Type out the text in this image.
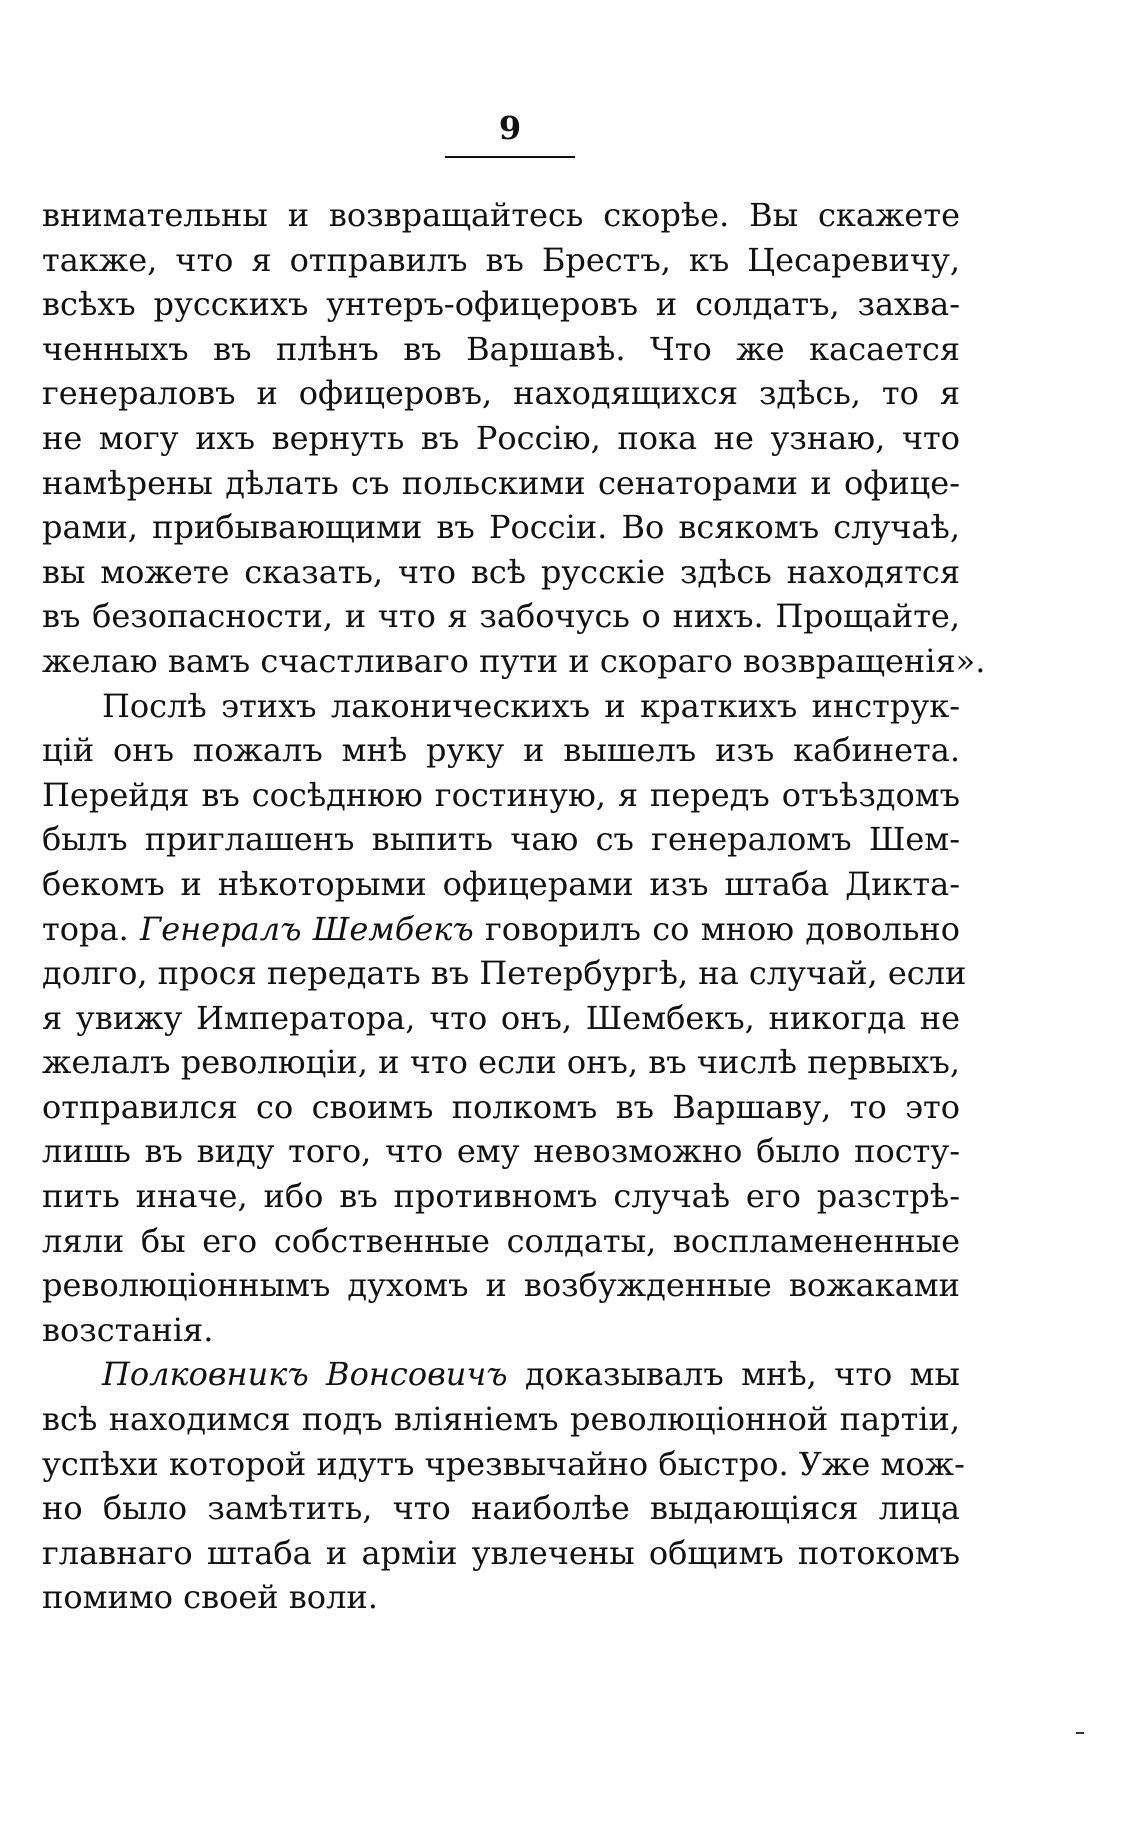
9
внимательны и возвращайтесь скорѣе. Вы скажете
также, что я отправилъ въ Брестъ, къ Цесаревичу,
всѣхъ русскихъ унтеръ-офицеровъ и солдатъ, захва-
ченныхъ въ плѣнъ въ Варшавѣ. Что же касается
генераловъ и офицеровъ, находящихся здѣсь, то я
не могу ихъ вернуть въ Россію, пока не узнаю, что
намѣрены дѣлать съ польскими сенаторами и офице-
рами, прибывающими въ Россіи. Во всякомъ случаѣ,
вы можете сказать, что всѣ русскіе здѣсь находятся
въ безопасности, и что я забочусь о нихъ. Прощайте,
желаю вамъ счастливаго пути и скораго возвращенія».
Послѣ этихъ лаконическихъ и краткихъ инструк-
цій онъ пожалъ мнѣ руку и вышелъ изъ кабинета.
Перейдя въ сосѣднюю гостиную, я передъ отъѣздомъ
былъ приглашенъ выпить чаю съ генераломъ Шем-
бекомъ и нѣкоторыми офицерами изъ штаба Дикта-
тора. Генералъ Шембекъ говорилъ со мною довольно
долго, прося передать въ Петербургѣ, на случай, если
я увижу Императора, что онъ, Шембекъ, никогда не
желалъ революціи, и что если онъ, въ числѣ первыхъ,
отправился со своимъ полкомъ въ Варшаву, то это
лишь въ виду того, что ему невозможно было посту-
пить иначе, ибо въ противномъ случаѣ его разстрѣ-
ляли бы его собственные солдаты, воспламененные
революціоннымъ духомъ и возбужденные вожаками
возстанія.
Полковникъ Вонсовичъ доказывалъ мнѣ, что мы
всѣ находимся подъ вліяніемъ революціонной партіи,
успѣхи которой идутъ чрезвычайно быстро. Уже мож-
но было замѣтить, что наиболѣе выдающіяся лица
главнаго штаба и арміи увлечены общимъ потокомъ
помимо своей воли.
